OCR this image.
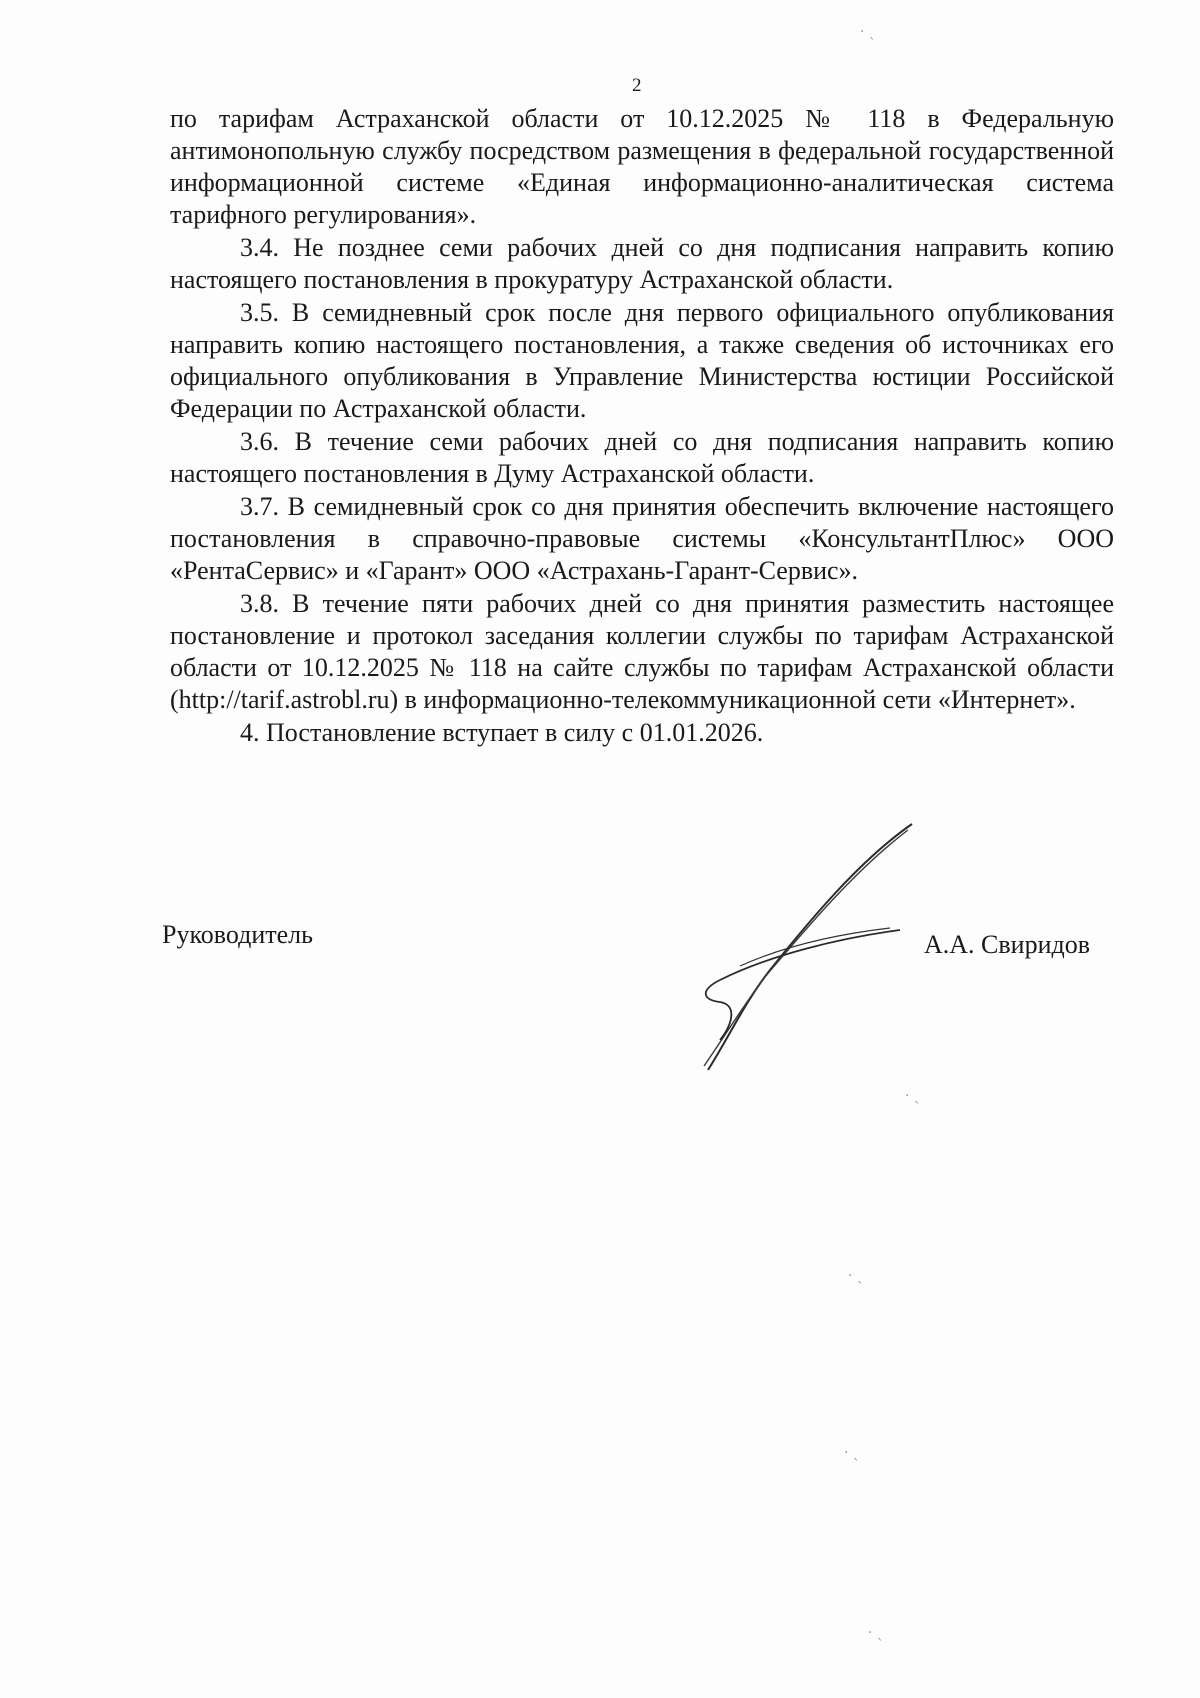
2

по тарифам Астраханской области от 10.12.2025 № 118 в Федеральную антимонопольную службу посредством размещения в федеральной государственной информационной системе «Единая информационно-аналитическая система тарифного регулирования».

3.4. Не позднее семи рабочих дней со дня подписания направить копию настоящего постановления в прокуратуру Астраханской области.

3.5. В семидневный срок после дня первого официального опубликования направить копию настоящего постановления, а также сведения об источниках его официального опубликования в Управление Министерства юстиции Российской Федерации по Астраханской области.

3.6. В течение семи рабочих дней со дня подписания направить копию настоящего постановления в Думу Астраханской области.

3.7. В семидневный срок со дня принятия обеспечить включение настоящего постановления в справочно-правовые системы «КонсультантПлюс» ООО «РентаСервис» и «Гарант» ООО «Астрахань-Гарант-Сервис».

3.8. В течение пяти рабочих дней со дня принятия разместить настоящее постановление и протокол заседания коллегии службы по тарифам Астраханской области от 10.12.2025 № 118 на сайте службы по тарифам Астраханской области (http://tarif.astrobl.ru) в информационно-телекоммуникационной сети «Интернет».

4. Постановление вступает в силу с 01.01.2026.

Руководитель	А.А. Свиридов
· ˎ
· ˎ
· ˎ
· ˎ
· ˎ
